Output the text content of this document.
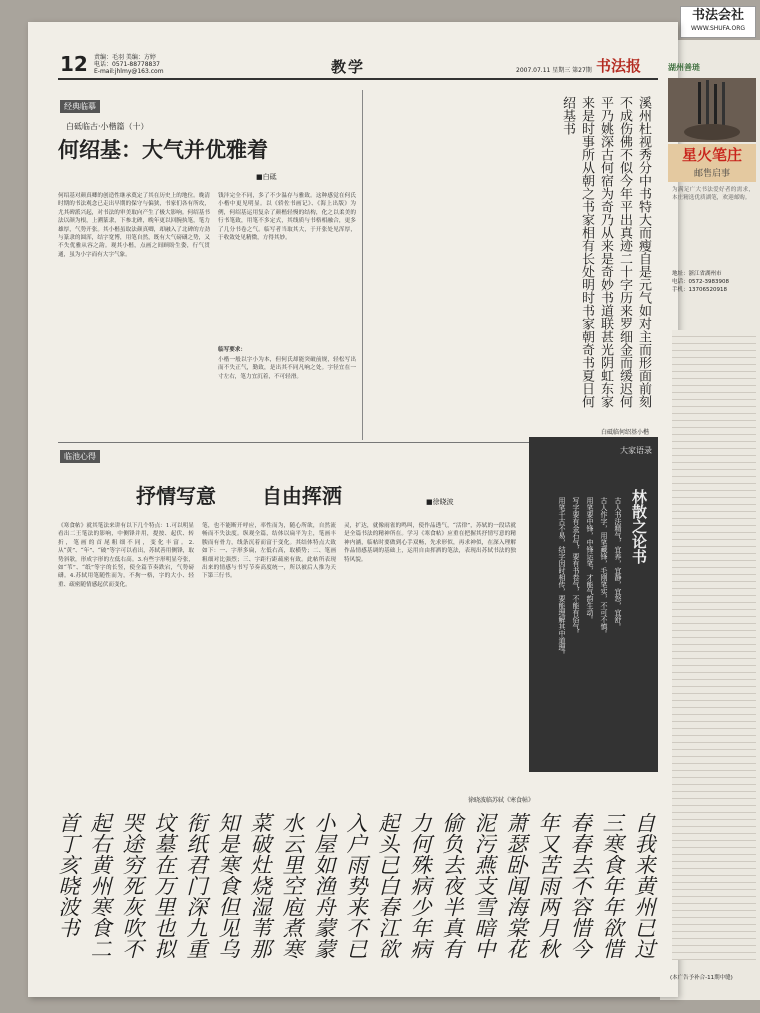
书法会社
WWW.SHUFA.ORG
12 责编：毛羽 美编：方婷
电话：0571-88778837
E-mail:jhlmy@163.com	教学	2007.07.11 星期三 第27期 书法报
经典临摹
白砥临古·小楷篇（十）
何绍基：大气并优雅着
■白砥
何绍基对颜真卿的创造性继承奠定了其在历史上的地位。晚清时期的书法观念已走出早期的保守与偏狭，书家们各有所攻，尤其碑派兴起，对书法的审美取向产生了极大影响。何绍基书法以颜为根，上溯篆隶，下参北碑，晚年更以回腕执笔，笔力雄厚，气势开张。其小楷虽取法颜真卿，却融入了北碑的方劲与篆隶的圆浑，结字宽博，用笔自然，既有大气磅礴之势，又不失优雅从容之韵。观其小楷，点画之间顾盼生姿，行气贯通，虽为小字而有大字气象。
钱沣完全不同，多了不少温存与雅致。这种感觉在何氏小楷中更见明显。以《轿佐书画记》、《海上出版》为例，何绍基运用复杂了颜楷轻慢的结构，化之以柔美的行书笔致，用笔不多定式，其线质与书格相融合，更多了几分书卷之气。临写者当取其大，于开张处见浑厚，于收敛处见精微，方得其妙。
临写要求：
小楷一般以字小为本，但何氏却能突破前规，轻松写出而不失正气，勤致，是出其不同凡响之处。字径宜在一寸左右，笔力宜沉着，不可轻滑。	溪州杜视秀分中书特大而瘦自是元气如对主而形面前刻不成伤佛不似今年平出真迹二十字历来罗细金而缓迟何平乃姚深古何宿为奇乃从来是奇妙书道联甚光阴虹东家来是时事所从朝之书家相有长处明时书家朝奇书夏日何绍基书
白砥临何绍基小楷
临池心得
抒情写意 自由挥洒	■徐晓波
《寒食帖》就其笔法来讲有以下几个特点：1.可以明显看出二王笔法的影响，中侧锋并用，提按、起伏、转折，笔画的首尾粗细不同，变化丰富。2.从“黄”、“年”、“破”等字可以看出，苏轼善用侧锋，取势斜欹，形成字形的左低右高。3.有些字形明显夸张，如“苇”、“纸”等字的长竖，使全篇节奏跌宕，气势磅礴。4.苏轼用笔随性而为，不拘一格，字的大小、轻重、疏密随情感起伏而变化。
笔，也不能断开呼应，率性而为，随心所欲，自然流畅而不失法度。纵观全篇，结体以扁平为主，笔画丰腴而有骨力，线条沉着而富于变化。其结体特点大致如下：一、字形多扁，左低右高，取横势；二、笔画粗细对比强烈；三、字距行距疏密有致。此帖所表现出来的情感与书写节奏高度统一，所以被后人推为天下第三行书。
灵，扩达，就像雨雀的鸣叫，使作品透气，“活律”，苏轼的一段话就是全篇书法的精神所在。学习《寒食帖》应重在把握其抒情写意的精神内涵，临帖时要做到心手双畅，先求形似，再求神似，在深入理解作品情感基调的基础上，运用自由挥洒的笔法，表现出苏轼书法的独特风貌。
徐晓波临苏轼《寒食帖》
自我来黄州已过三寒食年年欲惜春春去不容惜今年又苦雨两月秋萧瑟卧闻海棠花泥污燕支雪暗中偷负去夜半真有力何殊病少年病起头已白春江欲入户雨势来不已小屋如渔舟蒙蒙水云里空庖煮寒菜破灶烧湿苇那知是寒食但见乌衔纸君门深九重坟墓在万里也拟哭途穷死灰吹不起右黄州寒食二首丁亥晓波书
大家语录
林散之论书

古人书法精气，宜养，宜静，宜怒，宜舒。

古人作字，用笔藏锋，毛刚笔实，不可不慎。

用笔要中锋，中锋运笔，才能气韵生动。

写字要有金石气，要有书卷气，不能有俗气。

用笔千古不易，结字因时相传，要能理解其中道理。

湖州善琏
星火笔庄
邮售启事
为满足广大书法爱好者的需求，本庄精选优质湖笔，欢迎邮购。
地址：浙江省湖州市
电话：0572-3983908
手机：13706520918
(本广告予补合-11期中缝)
